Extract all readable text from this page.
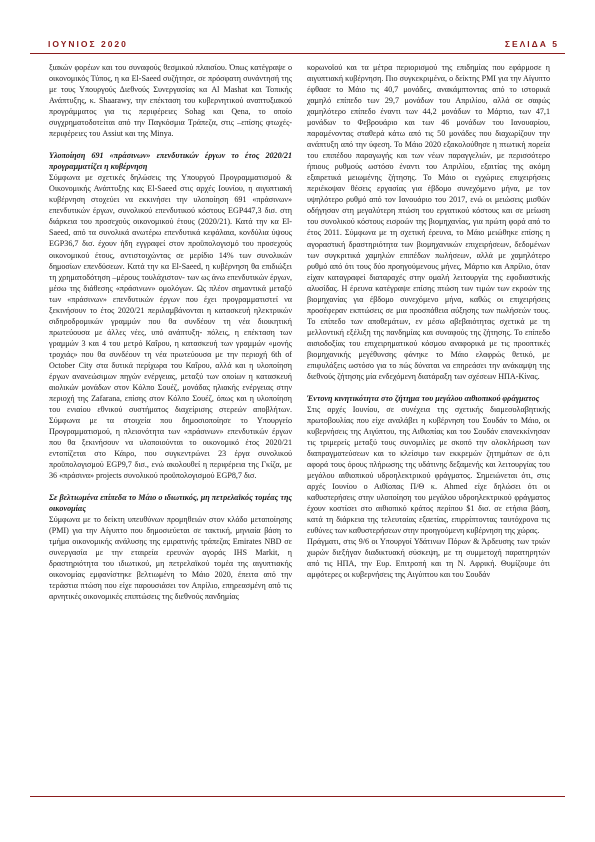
ΙΟΥΝΙΟΣ 2020	ΣΕΛΙΔΑ 5

ξιακών φορέων και του συναφούς θεσμικού πλαισίου. Όπως κατέγραψε ο οικονομικός Τύπος, η κα El-Saeed συζήτησε, σε πρόσφατη συνάντησή της με τους Υπουργούς Διεθνούς Συνεργασίας κα Al Mashat και Τοπικής Ανάπτυξης, κ. Shaarawy, την επέκταση του κυβερνητικού αναπτυξιακού προγράμματος για τις περιφέρειες Sohag και Qena, το οποίο συγχρηματοδοτείται από την Παγκόσμια Τράπεζα, στις –επίσης φτωχές- περιφέρειες του Assiut και της Minya.

Υλοποίηση 691 «πράσινων» επενδυτικών έργων το έτος 2020/21 προγραμματίζει η κυβέρνηση

Σύμφωνα με σχετικές δηλώσεις της Υπουργού Προγραμματισμού & Οικονομικής Ανάπτυξης κας El-Saeed στις αρχές Ιουνίου, η αιγυπτιακή κυβέρνηση στοχεύει να εκκινήσει την υλοποίηση 691 «πράσινων» επενδυτικών έργων, συνολικού επενδυτικού κόστους EGP447,3 δισ. στη διάρκεια του προσεχούς οικονομικού έτους (2020/21). Κατά την κα El-Saeed, από τα συνολικά ανωτέρω επενδυτικά κεφάλαια, κονδύλια ύψους EGP36,7 δισ. έχουν ήδη εγγραφεί στον προϋπολογισμό του προσεχούς οικονομικού έτους, αντιστοιχώντας σε μερίδιο 14% των συνολικών δημοσίων επενδύσεων. Κατά την κα El-Saeed, η κυβέρνηση θα επιδιώξει τη χρηματοδότηση –μέρους τουλάχιστον- των ως άνω επενδυτικών έργων, μέσω της διάθεσης «πράσινων» ομολόγων. Ως πλέον σημαντικά μεταξύ των «πράσινων» επενδυτικών έργων που έχει προγραμματιστεί να ξεκινήσουν το έτος 2020/21 περιλαμβάνονται η κατασκευή ηλεκτρικών σιδηροδρομικών γραμμών που θα συνδέουν τη νέα διοικητική πρωτεύουσα με άλλες νέες, υπό ανάπτυξη- πόλεις, η επέκταση των γραμμών 3 και 4 του μετρό Καΐρου, η κατασκευή των γραμμών «μονής τροχιάς» που θα συνδέουν τη νέα πρωτεύουσα με την περιοχή 6th of October City στα δυτικά περίχωρα του Καΐρου, αλλά και η υλοποίηση έργων ανανεώσιμων πηγών ενέργειας, μεταξύ των οποίων η κατασκευή αιολικών μονάδων στον Κόλπο Σουέζ, μονάδας ηλιακής ενέργειας στην περιοχή της Zafarana, επίσης στον Κόλπο Σουέζ, όπως και η υλοποίηση του ενιαίου εθνικού συστήματος διαχείρισης στερεών αποβλήτων. Σύμφωνα με τα στοιχεία που δημοσιοποίησε το Υπουργείο Προγραμματισμού, η πλειονότητα των «πράσινων» επενδυτικών έργων που θα ξεκινήσουν να υλοποιούνται το οικονομικό έτος 2020/21 εντοπίζεται στο Κάιρο, που συγκεντρώνει 23 έργα συνολικού προϋπολογισμού EGP9,7 δισ., ενώ ακολουθεί η περιφέρεια της Γκίζα, με 36 «πράσινα» projects συνολικού προϋπολογισμού EGP8,7 δισ.

Σε βελτιωμένα επίπεδα το Μάιο ο ιδιωτικός, μη πετρελαϊκός τομέας της οικονομίας

Σύμφωνα με το δείκτη υπευθύνων προμηθειών στον κλάδο μεταποίησης (PMI) για την Αίγυπτο που δημοσιεύεται σε τακτική, μηνιαία βάση το τμήμα οικονομικής ανάλυσης της εμιρατινής τράπεζας Emirates NBD σε συνεργασία με την εταιρεία ερευνών αγοράς IHS Markit, η δραστηριότητα του ιδιωτικού, μη πετρελαϊκού τομέα της αιγυπτιακής οικονομίας εμφανίστηκε βελτιωμένη το Μάιο 2020, έπειτα από την τεράστια πτώση που είχε παρουσιάσει τον Απρίλιο, επηρεασμένη από τις αρνητικές οικονομικές επιπτώσεις της διεθνούς πανδημίας

κορωνοϊού και τα μέτρα περιορισμού της επιδημίας που εφάρμοσε η αιγυπτιακή κυβέρνηση. Πιο συγκεκριμένα, ο δείκτης PMI για την Αίγυπτο έφθασε το Μάιο τις 40,7 μονάδες, ανακάμπτοντας από το ιστορικά χαμηλό επίπεδο των 29,7 μονάδων του Απριλίου, αλλά σε σαφώς χαμηλότερο επίπεδο έναντι των 44,2 μονάδων το Μάρτιο, των 47,1 μονάδων το Φεβρουάριο και των 46 μονάδων του Ιανουαρίου, παραμένοντας σταθερά κάτω από τις 50 μονάδες που διαχωρίζουν την ανάπτυξη από την ύφεση. Το Μάιο 2020 εξακολούθησε η πτωτική πορεία του επιπέδου παραγωγής και των νέων παραγγελιών, με περισσότερο ήπιους ρυθμούς ωστόσο έναντι του Απριλίου, εξαιτίας της ακόμη εξαιρετικά μειωμένης ζήτησης. Το Μάιο οι εγχώριες επιχειρήσεις περιέκοψαν θέσεις εργασίας για έβδομο συνεχόμενο μήνα, με τον υψηλότερο ρυθμό από τον Ιανουάριο του 2017, ενώ οι μειώσεις μισθών οδήγησαν στη μεγαλύτερη πτώση του εργατικού κόστους και σε μείωση του συνολικού κόστους εισροών της βιομηχανίας, για πρώτη φορά από το έτος 2011. Σύμφωνα με τη σχετική έρευνα, το Μάιο μειώθηκε επίσης η αγοραστική δραστηριότητα των βιομηχανικών επιχειρήσεων, δεδομένων των συγκριτικά χαμηλών επιπέδων πωλήσεων, αλλά με χαμηλότερο ρυθμό από ότι τους δύο προηγούμενους μήνες, Μάρτιο και Απρίλιο, όταν είχαν καταγραφεί διαταραχές στην ομαλή λειτουργία της εφοδιαστικής αλυσίδας. Η έρευνα κατέγραψε επίσης πτώση των τιμών των εκροών της βιομηχανίας για έβδομο συνεχόμενο μήνα, καθώς οι επιχειρήσεις προσέφεραν εκπτώσεις σε μια προσπάθεια αύξησης των πωλήσεών τους. Το επίπεδο των αποθεμάτων, εν μέσω αβεβαιότητας σχετικά με τη μελλοντική εξέλιξη της πανδημίας και συναφούς της ζήτησης. Το επίπεδο αισιοδοξίας του επιχειρηματικού κόσμου αναφορικά με τις προοπτικές βιομηχανικής μεγέθυνσης φάνηκε το Μάιο ελαφρώς θετικό, με επιφυλάξεις ωστόσο για το πώς δύναται να επηρεάσει την ανάκαμψη της διεθνούς ζήτησης μία ενδεχόμενη διατάραξη των σχέσεων ΗΠΑ-Κίνας.

Έντονη κινητικότητα στο ζήτημα του μεγάλου αιθιοπικού φράγματος

Στις αρχές Ιουνίου, σε συνέχεια της σχετικής διαμεσολαβητικής πρωτοβουλίας που είχε αναλάβει η κυβέρνηση του Σουδάν το Μάιο, οι κυβερνήσεις της Αιγύπτου, της Αιθιοπίας και του Σουδάν επανεκκίνησαν τις τριμερείς μεταξύ τους συνομιλίες με σκοπό την ολοκλήρωση των διαπραγματεύσεων και το κλείσιμο των εκκρεμών ζητημάτων σε ό,τι αφορά τους όρους πλήρωσης της υδάτινης δεξαμενής και λειτουργίας του μεγάλου αιθιοπικού υδροηλεκτρικού φράγματος. Σημειώνεται ότι, στις αρχές Ιουνίου ο Αιθίοπας Π/Θ κ. Ahmed είχε δηλώσει ότι οι καθυστερήσεις στην υλοποίηση του μεγάλου υδροηλεκτρικού φράγματος έχουν κοστίσει στο αιθιοπικό κράτος περίπου $1 δισ. σε ετήσια βάση, κατά τη διάρκεια της τελευταίας εξαετίας, επιρρίπτοντας ταυτόχρονα τις ευθύνες των καθυστερήσεων στην προηγούμενη κυβέρνηση της χώρας.

Πράγματι, στις 9/6 οι Υπουργοί Υδάτινων Πόρων & Άρδευσης των τριών χωρών διεξήγαν διαδικτυακή σύσκεψη, με τη συμμετοχή παρατηρητών από τις ΗΠΑ, την Ευρ. Επιτροπή και τη Ν. Αφρική. Θυμίζουμε ότι αμφότερες οι κυβερνήσεις της Αιγύπτου και του Σουδάν
